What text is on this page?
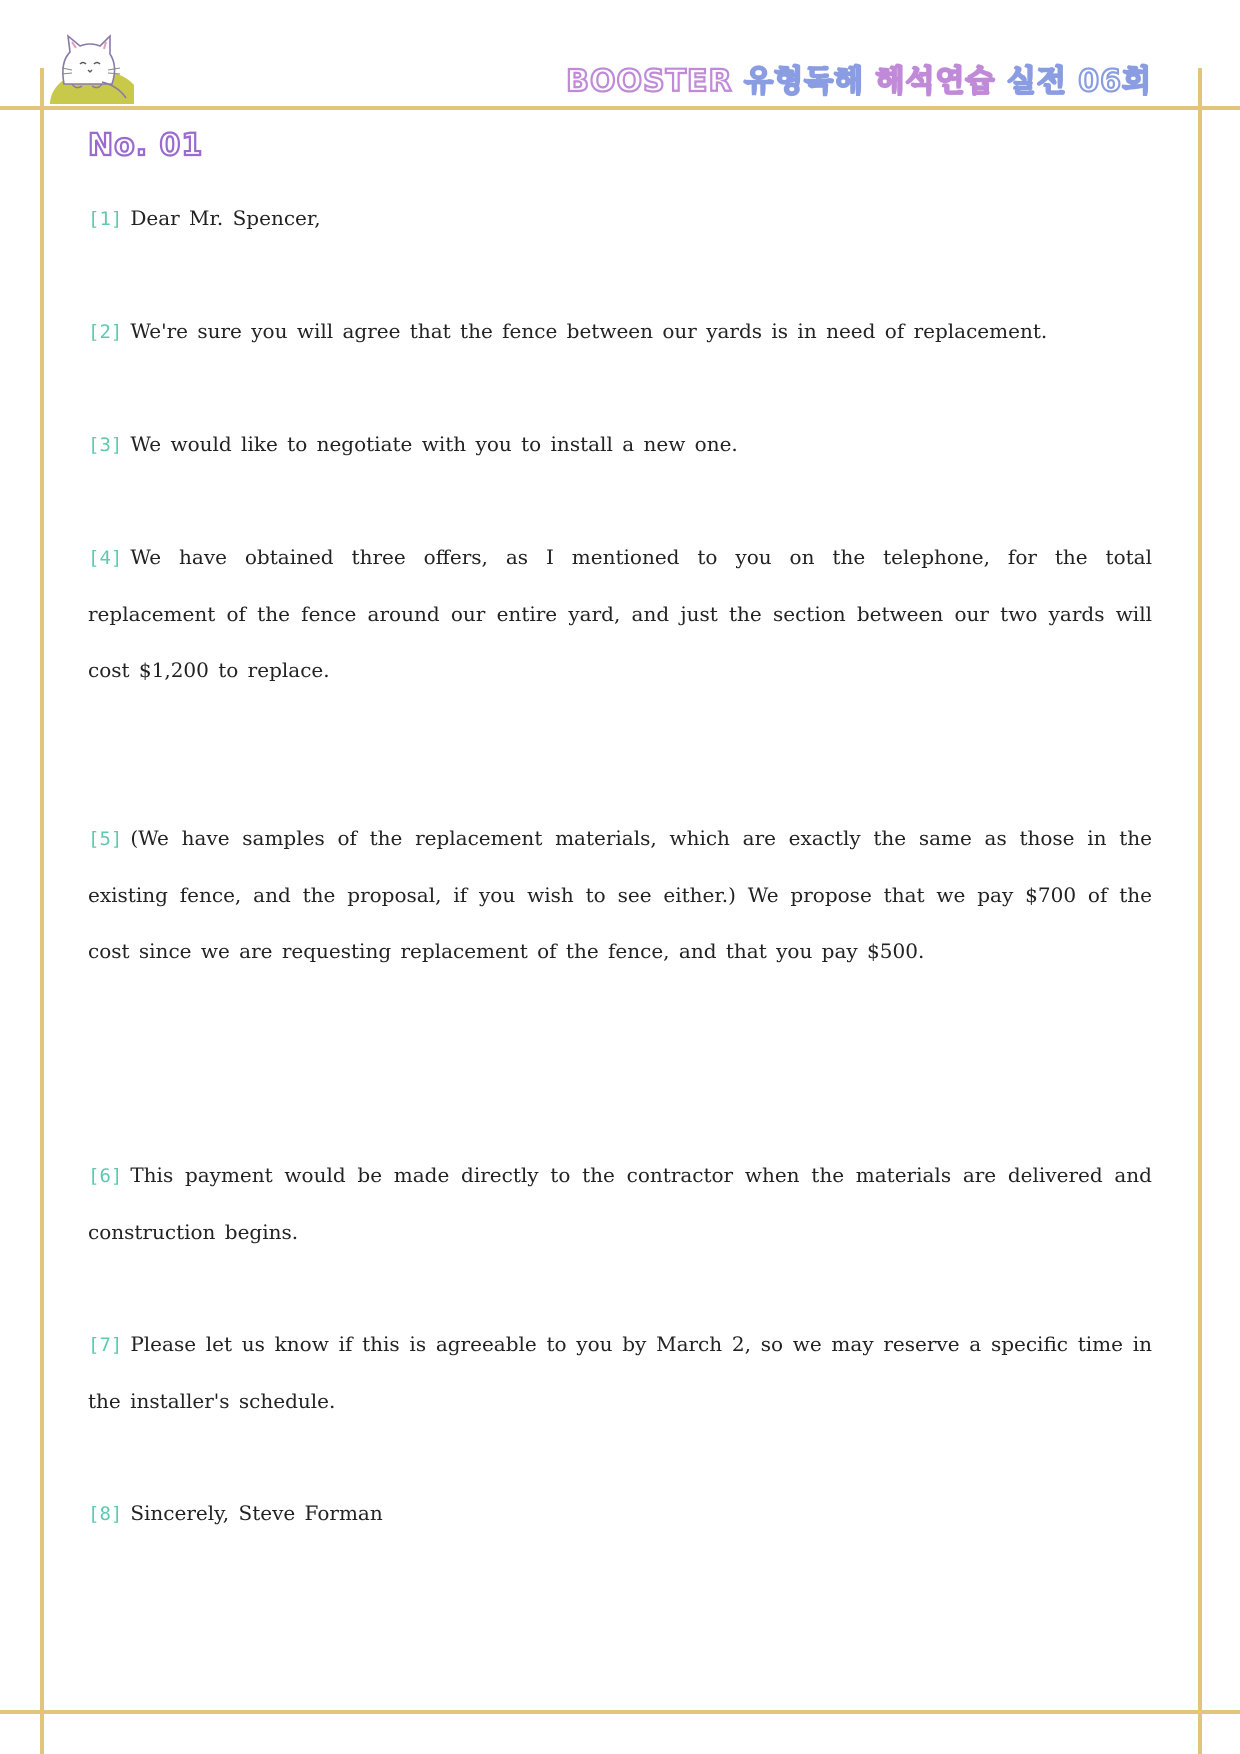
BOOSTER 유형독해 해석연습 실전 06회
No. 01

[1] Dear Mr. Spencer,

[2] We're sure you will agree that the fence between our yards is in need of replacement.

[3] We would like to negotiate with you to install a new one.

[4] We have obtained three offers, as I mentioned to you on the telephone, for the total replacement of the fence around our entire yard, and just the section between our two yards will cost $1,200 to replace.

[5] (We have samples of the replacement materials, which are exactly the same as those in the existing fence, and the proposal, if you wish to see either.) We propose that we pay $700 of the cost since we are requesting replacement of the fence, and that you pay $500.

[6] This payment would be made directly to the contractor when the materials are delivered and construction begins.

[7] Please let us know if this is agreeable to you by March 2, so we may reserve a specific time in the installer's schedule.

[8] Sincerely, Steve Forman
